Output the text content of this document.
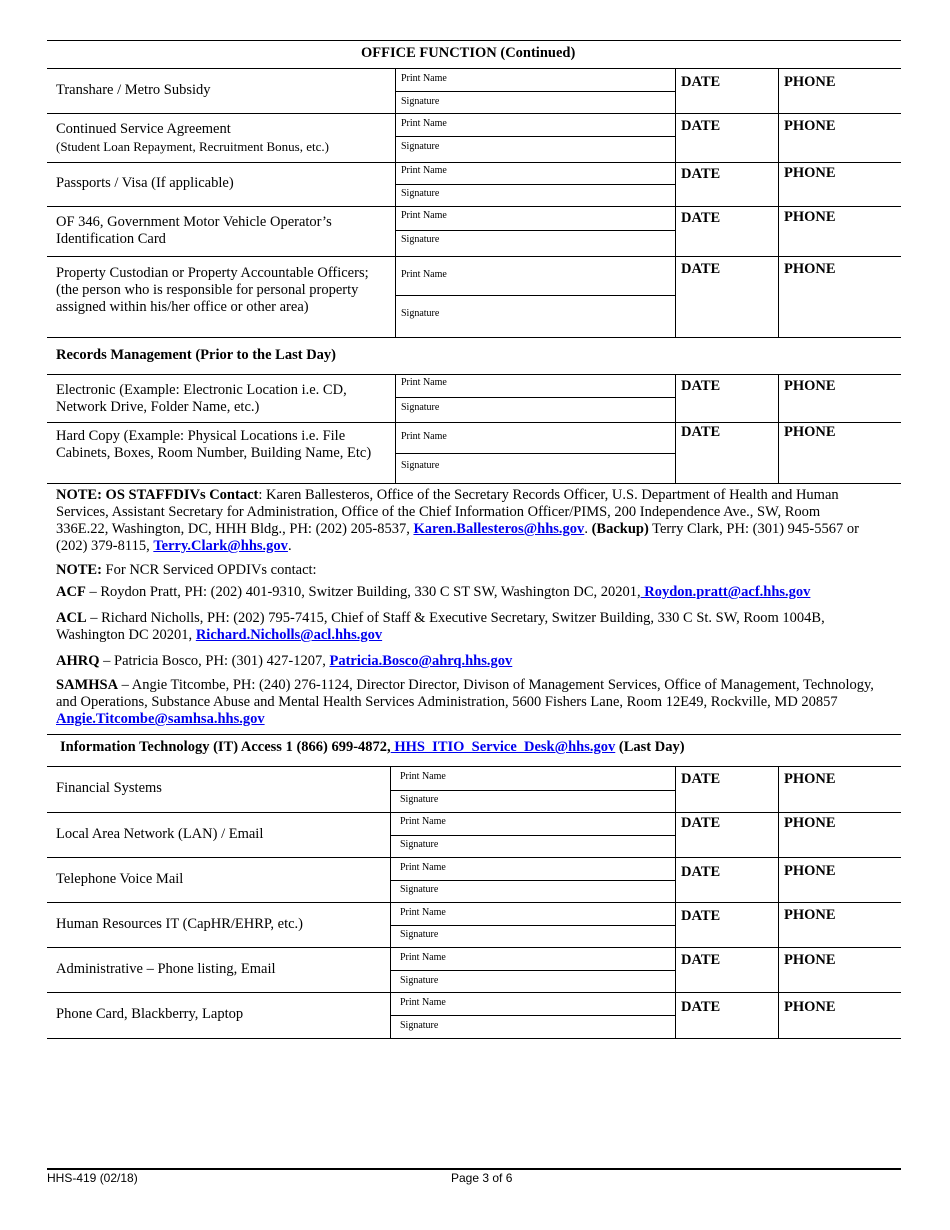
OFFICE FUNCTION (Continued)
Transhare / Metro Subsidy
Print Name
Signature
DATE	PHONE
Continued Service Agreement
(Student Loan Repayment, Recruitment Bonus, etc.)
Print Name
Signature
DATE	PHONE
Passports / Visa (If applicable)
Print Name
Signature
DATE	PHONE
OF 346, Government Motor Vehicle Operator’s Identification Card
Print Name
Signature
DATE	PHONE
Property Custodian or Property Accountable Officers; (the person who is responsible for personal property assigned within his/her office or other area)
Print Name
Signature
DATE	PHONE
Records Management (Prior to the Last Day)
Electronic (Example: Electronic Location i.e. CD, Network Drive, Folder Name, etc.)
Print Name
Signature
DATE	PHONE
Hard Copy (Example: Physical Locations i.e. File Cabinets, Boxes, Room Number, Building Name, Etc)
Print Name
Signature
DATE	PHONE
NOTE: OS STAFFDIVs Contact: Karen Ballesteros, Office of the Secretary Records Officer, U.S. Department of Health and Human Services, Assistant Secretary for Administration, Office of the Chief Information Officer/PIMS, 200 Independence Ave., SW, Room 336E.22, Washington, DC, HHH Bldg., PH: (202) 205-8537, Karen.Ballesteros@hhs.gov. (Backup) Terry Clark, PH: (301) 945-5567 or (202) 379-8115, Terry.Clark@hhs.gov.
NOTE: For NCR Serviced OPDIVs contact:
ACF – Roydon Pratt, PH: (202) 401-9310, Switzer Building, 330 C ST SW, Washington DC, 20201, Roydon.pratt@acf.hhs.gov
ACL – Richard Nicholls, PH: (202) 795-7415, Chief of Staff & Executive Secretary, Switzer Building, 330 C St. SW, Room 1004B, Washington DC 20201, Richard.Nicholls@acl.hhs.gov
AHRQ – Patricia Bosco, PH: (301) 427-1207, Patricia.Bosco@ahrq.hhs.gov
SAMHSA – Angie Titcombe, PH: (240) 276-1124, Director Director, Divison of Management Services, Office of Management, Technology, and Operations, Substance Abuse and Mental Health Services Administration, 5600 Fishers Lane, Room 12E49, Rockville, MD 20857 Angie.Titcombe@samhsa.hhs.gov
Information Technology (IT) Access 1 (866) 699-4872, HHS_ITIO_Service_Desk@hhs.gov (Last Day)
Financial Systems
Print Name
Signature
DATE	PHONE
Local Area Network (LAN) / Email
Print Name
Signature
DATE	PHONE
Telephone Voice Mail
Print Name
Signature
DATE	PHONE
Human Resources IT (CapHR/EHRP, etc.)
Print Name
Signature
DATE	PHONE
Administrative – Phone listing, Email
Print Name
Signature
DATE	PHONE
Phone Card, Blackberry, Laptop
Print Name
Signature
DATE	PHONE
HHS-419 (02/18)	Page 3 of 6
